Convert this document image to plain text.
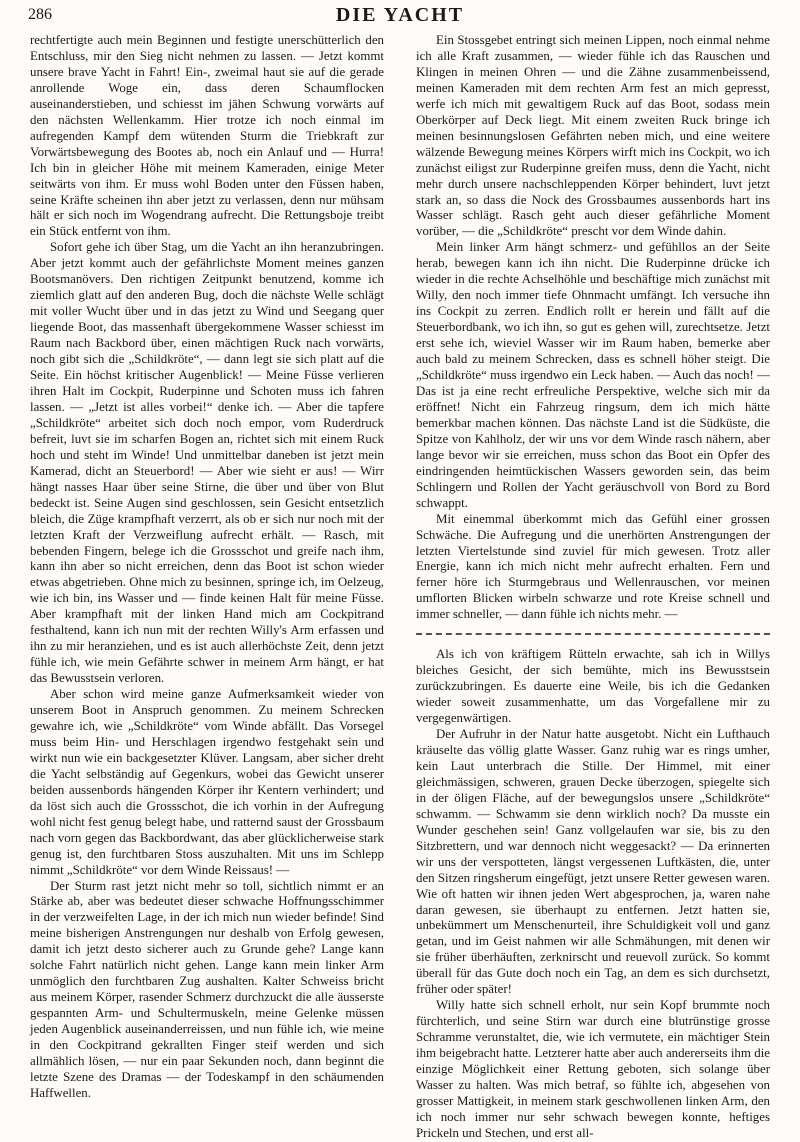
286	DIE YACHT

rechtfertigte auch mein Beginnen und festigte unerschütterlich den Entschluss, mir den Sieg nicht nehmen zu lassen. — Jetzt kommt unsere brave Yacht in Fahrt! Ein-, zweimal haut sie auf die gerade anrollende Woge ein, dass deren Schaumflocken auseinanderstieben, und schiesst im jähen Schwung vorwärts auf den nächsten Wellenkamm. Hier trotze ich noch einmal im aufregenden Kampf dem wütenden Sturm die Triebkraft zur Vorwärtsbewegung des Bootes ab, noch ein Anlauf und — Hurra! Ich bin in gleicher Höhe mit meinem Kameraden, einige Meter seitwärts von ihm. Er muss wohl Boden unter den Füssen haben, seine Kräfte scheinen ihn aber jetzt zu verlassen, denn nur mühsam hält er sich noch im Wogendrang aufrecht. Die Rettungsboje treibt ein Stück entfernt von ihm.

Sofort gehe ich über Stag, um die Yacht an ihn heranzubringen. Aber jetzt kommt auch der gefährlichste Moment meines ganzen Bootsmanövers. Den richtigen Zeitpunkt benutzend, komme ich ziemlich glatt auf den anderen Bug, doch die nächste Welle schlägt mit voller Wucht über und in das jetzt zu Wind und Seegang quer liegende Boot, das massenhaft übergekommene Wasser schiesst im Raum nach Backbord über, einen mächtigen Ruck nach vorwärts, noch gibt sich die „Schildkröte“, — dann legt sie sich platt auf die Seite. Ein höchst kritischer Augenblick! — Meine Füsse verlieren ihren Halt im Cockpit, Ruderpinne und Schoten muss ich fahren lassen. — „Jetzt ist alles vorbei!“ denke ich. — Aber die tapfere „Schildkröte“ arbeitet sich doch noch empor, vom Ruderdruck befreit, luvt sie im scharfen Bogen an, richtet sich mit einem Ruck hoch und steht im Winde! Und unmittelbar daneben ist jetzt mein Kamerad, dicht an Steuerbord! — Aber wie sieht er aus! — Wirr hängt nasses Haar über seine Stirne, die über und über von Blut bedeckt ist. Seine Augen sind geschlossen, sein Gesicht entsetzlich bleich, die Züge krampfhaft verzerrt, als ob er sich nur noch mit der letzten Kraft der Verzweiflung aufrecht erhält. — Rasch, mit bebenden Fingern, belege ich die Grossschot und greife nach ihm, kann ihn aber so nicht erreichen, denn das Boot ist schon wieder etwas abgetrieben. Ohne mich zu besinnen, springe ich, im Oelzeug, wie ich bin, ins Wasser und — finde keinen Halt für meine Füsse. Aber krampfhaft mit der linken Hand mich am Cockpitrand festhaltend, kann ich nun mit der rechten Willy's Arm erfassen und ihn zu mir heranziehen, und es ist auch allerhöchste Zeit, denn jetzt fühle ich, wie mein Gefährte schwer in meinem Arm hängt, er hat das Bewusstsein verloren.

Aber schon wird meine ganze Aufmerksamkeit wieder von unserem Boot in Anspruch genommen. Zu meinem Schrecken gewahre ich, wie „Schildkröte“ vom Winde abfällt. Das Vorsegel muss beim Hin- und Herschlagen irgendwo festgehakt sein und wirkt nun wie ein backgesetzter Klüver. Langsam, aber sicher dreht die Yacht selbständig auf Gegenkurs, wobei das Gewicht unserer beiden aussenbords hängenden Körper ihr Kentern verhindert; und da löst sich auch die Grossschot, die ich vorhin in der Aufregung wohl nicht fest genug belegt habe, und ratternd saust der Grossbaum nach vorn gegen das Backbordwant, das aber glücklicherweise stark genug ist, den furchtbaren Stoss auszuhalten. Mit uns im Schlepp nimmt „Schildkröte“ vor dem Winde Reissaus! —

Der Sturm rast jetzt nicht mehr so toll, sichtlich nimmt er an Stärke ab, aber was bedeutet dieser schwache Hoffnungsschimmer in der verzweifelten Lage, in der ich mich nun wieder befinde! Sind meine bisherigen Anstrengungen nur deshalb von Erfolg gewesen, damit ich jetzt desto sicherer auch zu Grunde gehe? Lange kann solche Fahrt natürlich nicht gehen. Lange kann mein linker Arm unmöglich den furchtbaren Zug aushalten. Kalter Schweiss bricht aus meinem Körper, rasender Schmerz durchzuckt die alle äusserste gespannten Arm- und Schultermuskeln, meine Gelenke müssen jeden Augenblick auseinanderreissen, und nun fühle ich, wie meine in den Cockpitrand gekrallten Finger steif werden und sich allmählich lösen, — nur ein paar Sekunden noch, dann beginnt die letzte Szene des Dramas — der Todeskampf in den schäumenden Haffwellen.

Ein Stossgebet entringt sich meinen Lippen, noch einmal nehme ich alle Kraft zusammen, — wieder fühle ich das Rauschen und Klingen in meinen Ohren — und die Zähne zusammenbeissend, meinen Kameraden mit dem rechten Arm fest an mich gepresst, werfe ich mich mit gewaltigem Ruck auf das Boot, sodass mein Oberkörper auf Deck liegt. Mit einem zweiten Ruck bringe ich meinen besinnungslosen Gefährten neben mich, und eine weitere wälzende Bewegung meines Körpers wirft mich ins Cockpit, wo ich zunächst eiligst zur Ruderpinne greifen muss, denn die Yacht, nicht mehr durch unsere nachschleppenden Körper behindert, luvt jetzt stark an, so dass die Nock des Grossbaumes aussenbords hart ins Wasser schlägt. Rasch geht auch dieser gefährliche Moment vorüber, — die „Schildkröte“ prescht vor dem Winde dahin.

Mein linker Arm hängt schmerz- und gefühllos an der Seite herab, bewegen kann ich ihn nicht. Die Ruderpinne drücke ich wieder in die rechte Achselhöhle und beschäftige mich zunächst mit Willy, den noch immer tiefe Ohnmacht umfängt. Ich versuche ihn ins Cockpit zu zerren. Endlich rollt er herein und fällt auf die Steuerbordbank, wo ich ihn, so gut es gehen will, zurechtsetze. Jetzt erst sehe ich, wieviel Wasser wir im Raum haben, bemerke aber auch bald zu meinem Schrecken, dass es schnell höher steigt. Die „Schildkröte“ muss irgendwo ein Leck haben. — Auch das noch! — Das ist ja eine recht erfreuliche Perspektive, welche sich mir da eröffnet! Nicht ein Fahrzeug ringsum, dem ich mich hätte bemerkbar machen können. Das nächste Land ist die Südküste, die Spitze von Kahlholz, der wir uns vor dem Winde rasch nähern, aber lange bevor wir sie erreichen, muss schon das Boot ein Opfer des eindringenden heimtückischen Wassers geworden sein, das beim Schlingern und Rollen der Yacht geräuschvoll von Bord zu Bord schwappt.

Mit einemmal überkommt mich das Gefühl einer grossen Schwäche. Die Aufregung und die unerhörten Anstrengungen der letzten Viertelstunde sind zuviel für mich gewesen. Trotz aller Energie, kann ich mich nicht mehr aufrecht erhalten. Fern und ferner höre ich Sturmgebraus und Wellenrauschen, vor meinen umflorten Blicken wirbeln schwarze und rote Kreise schnell und immer schneller, — dann fühle ich nichts mehr. —

Als ich von kräftigem Rütteln erwachte, sah ich in Willys bleiches Gesicht, der sich bemühte, mich ins Bewusstsein zurückzubringen. Es dauerte eine Weile, bis ich die Gedanken wieder soweit zusammenhatte, um das Vorgefallene mir zu vergegenwärtigen.

Der Aufruhr in der Natur hatte ausgetobt. Nicht ein Lufthauch kräuselte das völlig glatte Wasser. Ganz ruhig war es rings umher, kein Laut unterbrach die Stille. Der Himmel, mit einer gleichmässigen, schweren, grauen Decke überzogen, spiegelte sich in der öligen Fläche, auf der bewegungslos unsere „Schildkröte“ schwamm. — Schwamm sie denn wirklich noch? Da musste ein Wunder geschehen sein! Ganz vollgelaufen war sie, bis zu den Sitzbrettern, und war dennoch nicht weggesackt? — Da erinnerten wir uns der verspotteten, längst vergessenen Luftkästen, die, unter den Sitzen ringsherum eingefügt, jetzt unsere Retter gewesen waren. Wie oft hatten wir ihnen jeden Wert abgesprochen, ja, waren nahe daran gewesen, sie überhaupt zu entfernen. Jetzt hatten sie, unbekümmert um Menschenurteil, ihre Schuldigkeit voll und ganz getan, und im Geist nahmen wir alle Schmähungen, mit denen wir sie früher überhäuften, zerknirscht und reuevoll zurück. So kommt überall für das Gute doch noch ein Tag, an dem es sich durchsetzt, früher oder später!

Willy hatte sich schnell erholt, nur sein Kopf brummte noch fürchterlich, und seine Stirn war durch eine blutrünstige grosse Schramme verunstaltet, die, wie ich vermutete, ein mächtiger Stein ihm beigebracht hatte. Letzterer hatte aber auch andererseits ihm die einzige Möglichkeit einer Rettung geboten, sich solange über Wasser zu halten. Was mich betraf, so fühlte ich, abgesehen von grosser Mattigkeit, in meinem stark geschwollenen linken Arm, den ich noch immer nur sehr schwach bewegen konnte, heftiges Prickeln und Stechen, und erst all-
